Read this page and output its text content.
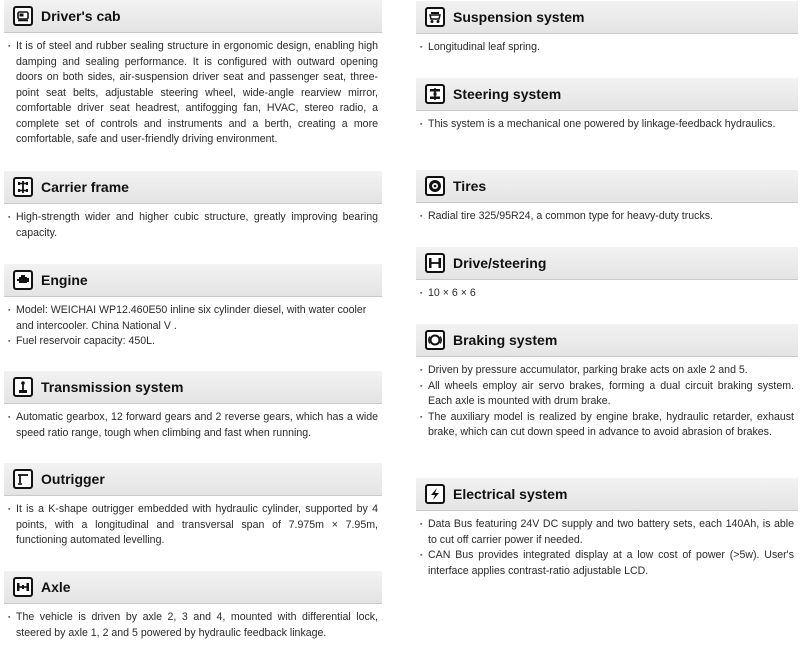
Driver's cab
▪ It is of steel and rubber sealing structure in ergonomic design, enabling high damping and sealing performance. It is configured with outward opening doors on both sides, air-suspension driver seat and passenger seat, three-point seat belts, adjustable steering wheel, wide-angle rearview mirror, comfortable driver seat headrest, antifogging fan, HVAC, stereo radio, a complete set of controls and instruments and a berth, creating a more comfortable, safe and user-friendly driving environment.
Carrier frame
▪ High-strength wider and higher cubic structure, greatly improving bearing capacity.
Engine
▪ Model: WEICHAI WP12.460E50 inline six cylinder diesel, with water cooler and intercooler. China National V .
▪ Fuel reservoir capacity: 450L.
Transmission system
▪ Automatic gearbox, 12 forward gears and 2 reverse gears, which has a wide speed ratio range, tough when climbing and fast when running.
Outrigger
▪ It is a K-shape outrigger embedded with hydraulic cylinder, supported by 4 points, with a longitudinal and transversal span of 7.975m × 7.95m, functioning automated levelling.
Axle
▪ The vehicle is driven by axle 2, 3 and 4, mounted with differential lock, steered by axle 1, 2 and 5 powered by hydraulic feedback linkage.
Suspension system
▪ Longitudinal leaf spring.
Steering system
▪ This system is a mechanical one powered by linkage-feedback hydraulics.
Tires
▪ Radial tire 325/95R24, a common type for heavy-duty trucks.
Drive/steering
▪ 10 × 6 × 6
Braking system
▪ Driven by pressure accumulator, parking brake acts on axle 2 and 5.
▪ All wheels employ air servo brakes, forming a dual circuit braking system. Each axle is mounted with drum brake.
▪ The auxiliary model is realized by engine brake, hydraulic retarder, exhaust brake, which can cut down speed in advance to avoid abrasion of brakes.
Electrical system
▪ Data Bus featuring 24V DC supply and two battery sets, each 140Ah, is able to cut off carrier power if needed.
▪ CAN Bus provides integrated display at a low cost of power (>5w). User's interface applies contrast-ratio adjustable LCD.
